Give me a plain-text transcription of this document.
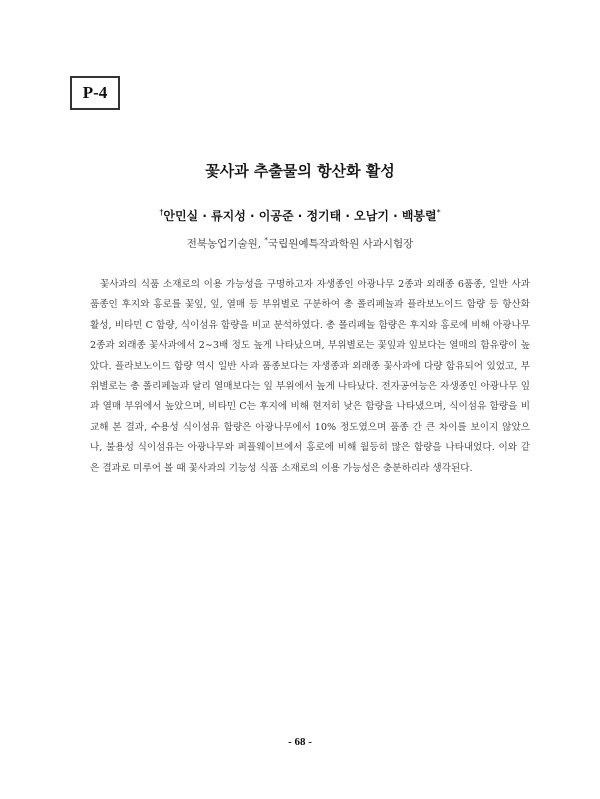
P-4
꽃사과 추출물의 항산화 활성
†안민실 · 류지성 · 이공준 · 정기태 · 오남기 · 백봉렬*
전북농업기술원, *국립원예특작과학원 사과시험장

꽃사과의 식품 소재로의 이용 가능성을 구명하고자 자생종인 아광나무 2종과 외래종 6품종, 일반 사과품종인 후지와 홍로를 꽃잎, 잎, 열매 등 부위별로 구분하여 총 폴리페놀과 플라보노이드 함량 등 항산화 활성, 비타민 C 함량, 식이섬유 함량을 비교 분석하였다. 총 폴리페놀 함량은 후지와 홍로에 비해 아광나무 2종과 외래종 꽃사과에서 2∼3배 정도 높게 나타났으며, 부위별로는 꽃잎과 잎보다는 열매의 함유량이 높았다. 플라보노이드 함량 역시 일반 사과 품종보다는 자생종과 외래종 꽃사과에 다량 함유되어 있었고, 부위별로는 총 폴리페놀과 달리 열매보다는 잎 부위에서 높게 나타났다. 전자공여능은 자생종인 아광나무 잎과 열매 부위에서 높았으며, 비타민 C는 후지에 비해 현저히 낮은 함량을 나타냈으며, 식이섬유 함량을 비교해 본 결과, 수용성 식이섬유 함량은 아광나무에서 10% 정도였으며 품종 간 큰 차이를 보이지 않았으나, 불용성 식이섬유는 아광나무와 퍼플웨이브에서 홍로에 비해 월등히 많은 함량을 나타내었다. 이와 같은 결과로 미루어 볼 때 꽃사과의 기능성 식품 소재로의 이용 가능성은 충분하리라 생각된다.

- 68 -
